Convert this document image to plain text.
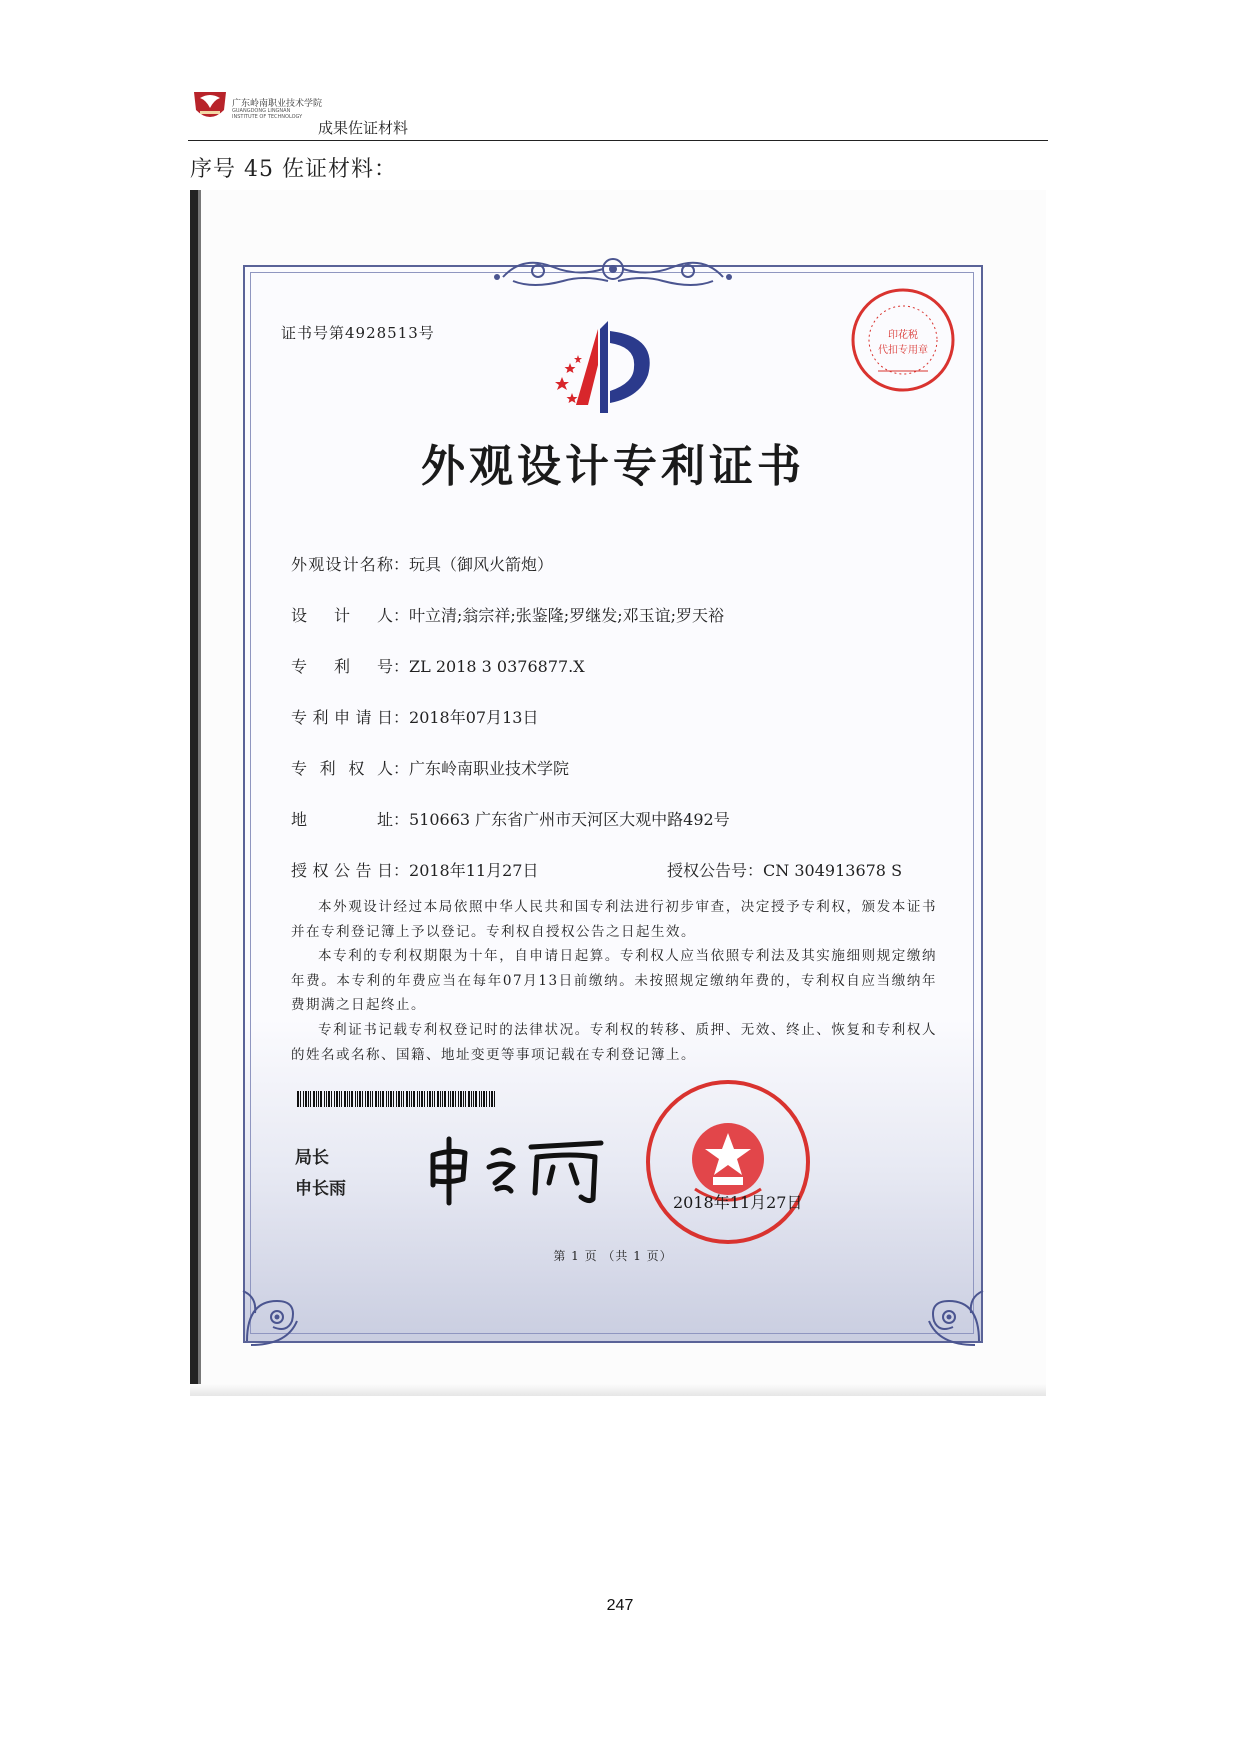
广东岭南职业技术学院
GUANGDONG LINGNAN INSTITUTE OF TECHNOLOGY
成果佐证材料
序号 45 佐证材料：
证书号第4928513号	印花税
代扣专用章
外观设计专利证书
外观设计名称：玩具（御风火箭炮）
设计人：叶立清;翁宗祥;张鉴隆;罗继发;邓玉谊;罗天裕
专利号：ZL 2018 3 0376877.X
专利申请日：2018年07月13日
专利权人：广东岭南职业技术学院
地址：510663 广东省广州市天河区大观中路492号
授权公告日：2018年11月27日	授权公告号：CN 304913678 S
本外观设计经过本局依照中华人民共和国专利法进行初步审查，决定授予专利权，颁发本证书并在专利登记簿上予以登记。专利权自授权公告之日起生效。
本专利的专利权期限为十年，自申请日起算。专利权人应当依照专利法及其实施细则规定缴纳年费。本专利的年费应当在每年07月13日前缴纳。未按照规定缴纳年费的，专利权自应当缴纳年费期满之日起终止。
专利证书记载专利权登记时的法律状况。专利权的转移、质押、无效、终止、恢复和专利权人的姓名或名称、国籍、地址变更等事项记载在专利登记簿上。
局长
申长雨
2018年11月27日
第 1 页 （共 1 页）
247
